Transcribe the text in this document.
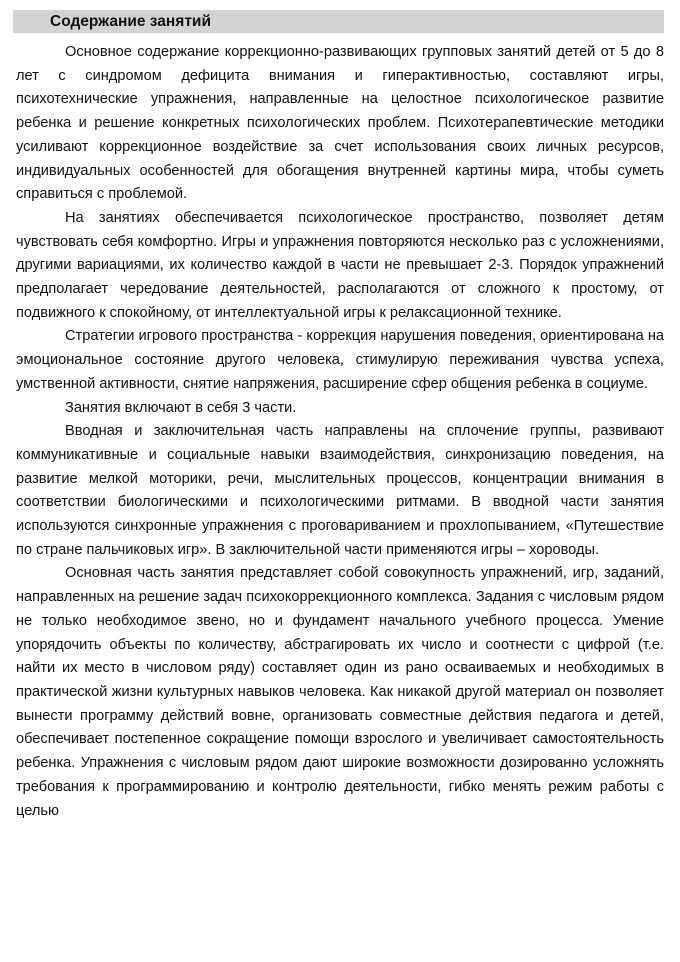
Содержание занятий

Основное содержание коррекционно-развивающих групповых занятий детей от 5 до 8 лет с синдромом дефицита внимания и гиперактивностью, составляют игры, психотехнические упражнения, направленные на целостное психологическое развитие ребенка и решение конкретных психологических проблем. Психотерапевтические методики усиливают коррекционное воздействие за счет использования своих личных ресурсов, индивидуальных особенностей для обогащения внутренней картины мира, чтобы суметь справиться с проблемой.

На занятиях обеспечивается психологическое пространство, позволяет детям чувствовать себя комфортно. Игры и упражнения повторяются несколько раз с усложнениями, другими вариациями, их количество каждой в части не превышает 2-3. Порядок упражнений предполагает чередование деятельностей, располагаются от сложного к простому, от подвижного к спокойному, от интеллектуальной игры к релаксационной технике.

Стратегии игрового пространства - коррекция нарушения поведения, ориентирована на эмоциональное состояние другого человека, стимулирую переживания чувства успеха, умственной активности, снятие напряжения, расширение сфер общения ребенка в социуме.

Занятия включают в себя 3 части.

Вводная и заключительная часть направлены на сплочение группы, развивают коммуникативные и социальные навыки взаимодействия, синхронизацию поведения, на развитие мелкой моторики, речи, мыслительных процессов, концентрации внимания в соответствии биологическими и психологическими ритмами. В вводной части занятия используются синхронные упражнения с проговариванием и прохлопыванием, «Путешествие по стране пальчиковых игр». В заключительной части применяются игры – хороводы.

Основная часть занятия представляет собой совокупность упражнений, игр, заданий, направленных на решение задач психокоррекционного комплекса. Задания с числовым рядом не только необходимое звено, но и фундамент начального учебного процесса. Умение упорядочить объекты по количеству, абстрагировать их число и соотнести с цифрой (т.е. найти их место в числовом ряду) составляет один из рано осваиваемых и необходимых в практической жизни культурных навыков человека. Как никакой другой материал он позволяет вынести программу действий вовне, организовать совместные действия педагога и детей, обеспечивает постепенное сокращение помощи взрослого и увеличивает самостоятельность ребенка. Упражнения с числовым рядом дают широкие возможности дозированно усложнять требования к программированию и контролю деятельности, гибко менять режим работы с целью
